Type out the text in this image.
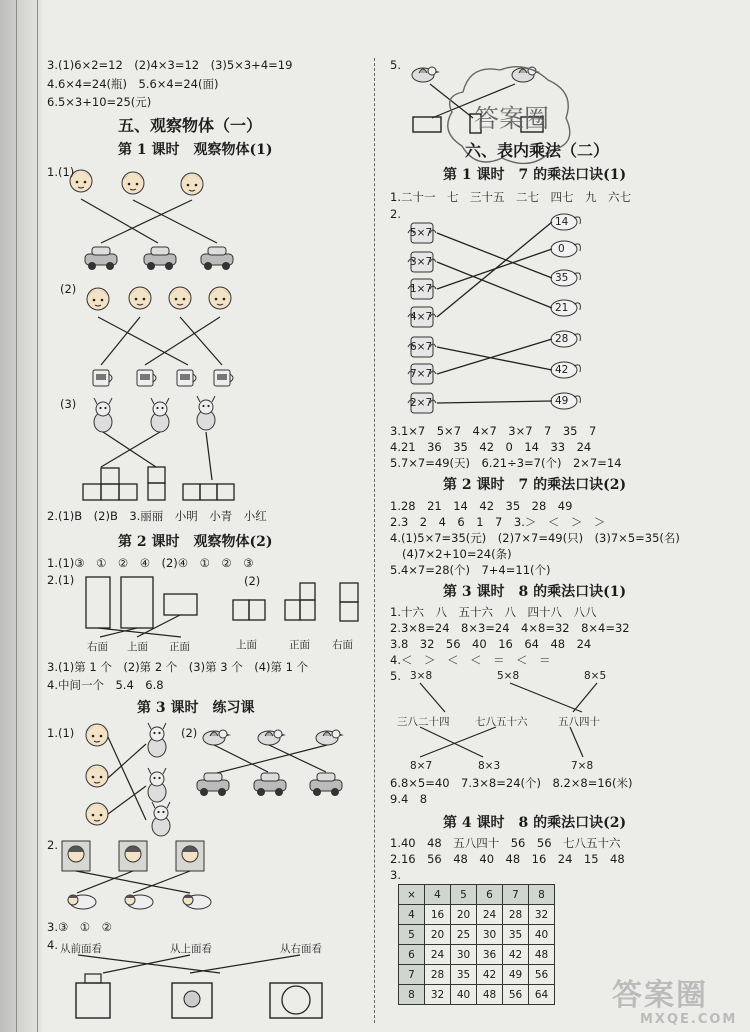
答案圈
3.(1)6×2=12　(2)4×3=12　(3)5×3+4=19
4.6×4=24(瓶)　5.6×4=24(面)
6.5×3+10=25(元)
五、观察物体（一）
第 1 课时　观察物体(1)
1.(1)
(2)
(3)
2.(1)B　(2)B　3.丽丽　小明　小青　小红
第 2 课时　观察物体(2)
1.(1)③　①　②　④　(2)④　①　②　③
2.(1)	(2)
右面 上面 正面	上面	正面 右面
3.(1)第 1 个　(2)第 2 个　(3)第 3 个　(4)第 1 个
4.中间一个　5.4　6.8
第 3 课时　练习课
1.(1)	(2)
2.
3.③　①　②
4. 从前面看	从上面看	从右面看
5.
六、表内乘法（二）
第 1 课时　7 的乘法口诀(1)
1.二十一　七　三十五　二七　四七　九　六七
2.
5×7
3×7
1×7
4×7
6×7
7×7
2×7
14
0
35
21
28
42
49
3.1×7　5×7　4×7　3×7　7　35　7
4.21　36　35　42　0　14　33　24
5.7×7=49(天)　6.21÷3=7(个)　2×7=14
第 2 课时　7 的乘法口诀(2)
1.28　21　14　42　35　28　49
2.3　2　4　6　1　7　3.＞　＜　＞　＞
4.(1)5×7=35(元)　(2)7×7=49(只)　(3)7×5=35(名)
(4)7×2+10=24(条)
5.4×7=28(个)　7+4=11(个)
第 3 课时　8 的乘法口诀(1)
1.十六　八　五十六　八　四十八　八八
2.3×8=24　8×3=24　4×8=32　8×4=32
3.8　32　56　40　16　64　48　24
4.＜　＞　＜　＜　＝　＜　＝
5. 3×8	5×8	8×5
三八二十四 七八五十六	五八四十
8×7	8×3	7×8
6.8×5=40　7.3×8=24(个)　8.2×8=16(米)
9.4　8
第 4 课时　8 的乘法口诀(2)
1.40　48　五八四十　56　56　七八五十六
2.16　56　48　40　48　16　24　15　48
3.
×	4	5	6	7	8
4	16	20	24	28	32
5	20	25	30	35	40
6	24	30	36	42	48
7	28	35	42	49	56
8	32	40	48	56	64 答案圈
MXQE.COM
